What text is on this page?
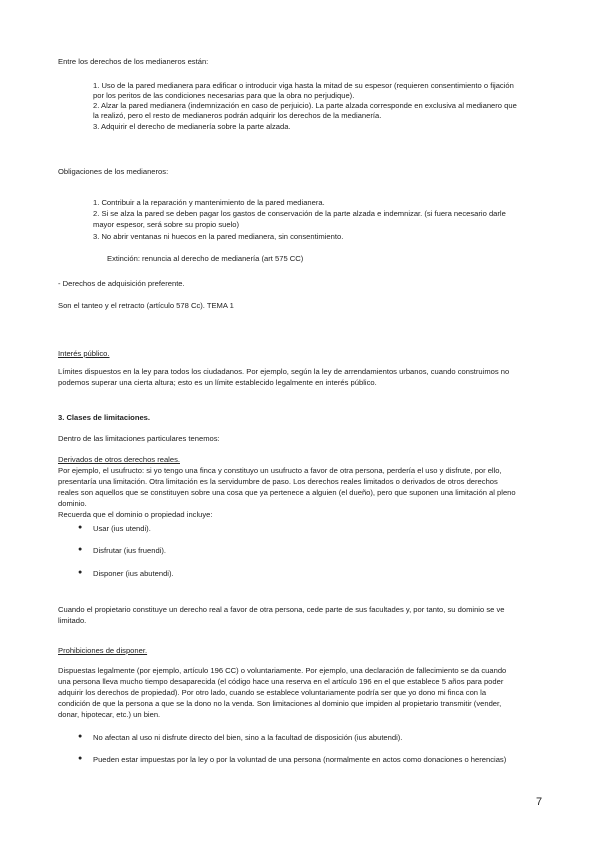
Entre los derechos de los medianeros están:
1. Uso de la pared medianera para edificar o introducir viga hasta la mitad de su espesor (requieren consentimiento o fijación
por los peritos de las condiciones necesarias para que la obra no perjudique).
2. Alzar la pared medianera (indemnización en caso de perjuicio). La parte alzada corresponde en exclusiva al medianero que
la realizó, pero el resto de medianeros podrán adquirir los derechos de la medianería.
3. Adquirir el derecho de medianería sobre la parte alzada.
Obligaciones de los medianeros:
1. Contribuir a la reparación y mantenimiento de la pared medianera.
2. Si se alza la pared se deben pagar los gastos de conservación de la parte alzada e indemnizar. (si fuera necesario darle
mayor espesor, será sobre su propio suelo)
3. No abrir ventanas ni huecos en la pared medianera, sin consentimiento.
Extinción: renuncia al derecho de medianería (art 575 CC)
- Derechos de adquisición preferente.
Son el tanteo y el retracto (artículo 578 Cc). TEMA 1
Interés público.
Límites dispuestos en la ley para todos los ciudadanos. Por ejemplo, según la ley de arrendamientos urbanos, cuando construimos no
podemos superar una cierta altura; esto es un límite establecido legalmente en interés público.
3. Clases de limitaciones.
Dentro de las limitaciones particulares tenemos:
Derivados de otros derechos reales.
Por ejemplo, el usufructo: si yo tengo una finca y constituyo un usufructo a favor de otra persona, perdería el uso y disfrute, por ello,
presentaría una limitación. Otra limitación es la servidumbre de paso. Los derechos reales limitados o derivados de otros derechos
reales son aquellos que se constituyen sobre una cosa que ya pertenece a alguien (el dueño), pero que suponen una limitación al pleno
dominio.
Recuerda que el dominio o propiedad incluye:
● Usar (ius utendi).
● Disfrutar (ius fruendi).
● Disponer (ius abutendi).
Cuando el propietario constituye un derecho real a favor de otra persona, cede parte de sus facultades y, por tanto, su dominio se ve
limitado.
Prohibiciones de disponer.
Dispuestas legalmente (por ejemplo, artículo 196 CC) o voluntariamente. Por ejemplo, una declaración de fallecimiento se da cuando
una persona lleva mucho tiempo desaparecida (el código hace una reserva en el artículo 196 en el que establece 5 años para poder
adquirir los derechos de propiedad). Por otro lado, cuando se establece voluntariamente podría ser que yo dono mi finca con la
condición de que la persona a que se la dono no la venda. Son limitaciones al dominio que impiden al propietario transmitir (vender,
donar, hipotecar, etc.) un bien.
● No afectan al uso ni disfrute directo del bien, sino a la facultad de disposición (ius abutendi).
● Pueden estar impuestas por la ley o por la voluntad de una persona (normalmente en actos como donaciones o herencias)
7
